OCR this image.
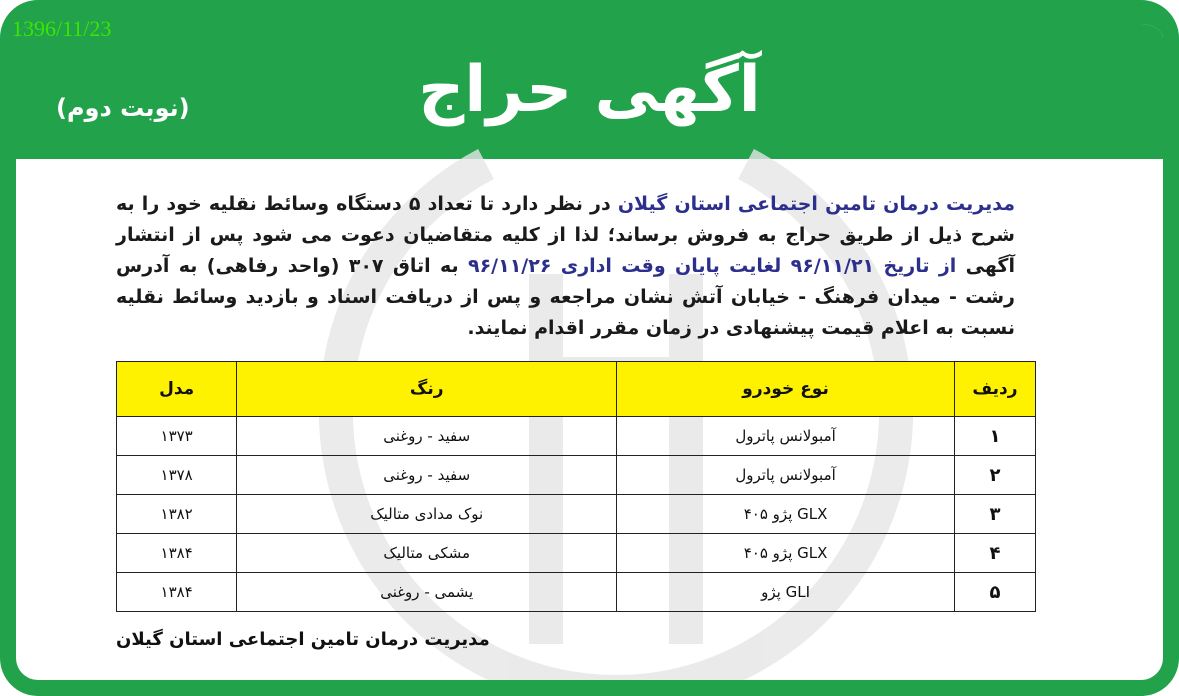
1396/11/23
آگهی حراج
(نوبت دوم)
مدیریت درمان تامین اجتماعی استان گیلان در نظر دارد تا تعداد ۵ دستگاه وسائط نقلیه خود را به شرح ذیل از طریق حراج به فروش برساند؛ لذا از کلیه متقاضیان دعوت می شود پس از انتشار آگهی از تاریخ ۹۶/۱۱/۲۱ لغایت پایان وقت اداری ۹۶/۱۱/۲۶ به اتاق ۳۰۷ (واحد رفاهی) به آدرس رشت - میدان فرهنگ - خیابان آتش نشان مراجعه و پس از دریافت اسناد و بازدید وسائط نقلیه نسبت به اعلام قیمت پیشنهادی در زمان مقرر اقدام نمایند.
ردیف	نوع خودرو	رنگ	مدل
۱	آمبولانس پاترول	سفید - روغنی	۱۳۷۳
۲	آمبولانس پاترول	سفید - روغنی	۱۳۷۸
۳	GLX پژو ۴۰۵	نوک مدادی متالیک	۱۳۸۲
۴	GLX پژو ۴۰۵	مشکی متالیک	۱۳۸۴
۵	GLI پژو	یشمی - روغنی	۱۳۸۴
مدیریت درمان تامین اجتماعی استان گیلان
